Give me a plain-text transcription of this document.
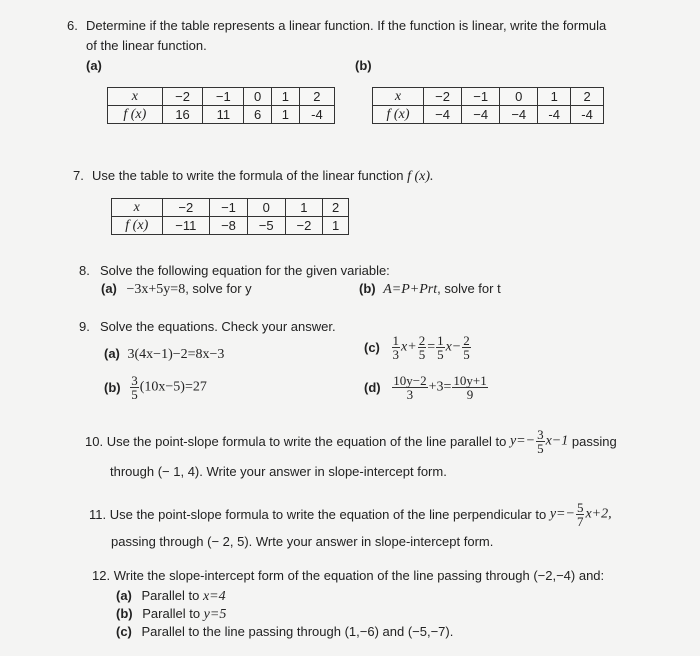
6. Determine if the table represents a linear function. If the function is linear, write the formula
of the linear function.
(a)	(b)
x	−2	−1	0	1	2
f (x)	16	11	6	1	-4
x	−2	−1	0	1	2
f (x)	−4	−4	−4	-4	-4
7. Use the table to write the formula of the linear function f (x).
x	−2	−1	0	1	2
f (x)	−11	−8	−5	−2	1
8. Solve the following equation for the given variable:
(a) −3x+5y=8, solve for y	(b) A=P+Prt, solve for t
9. Solve the equations. Check your answer.
(a) 3(4x−1)−2=8x−3
$(b) \frac{3}{5} (10x-5)=27$
$(c) \frac{1}{3} x+ \frac{2}{5} = \frac{1}{5} x- \frac{2}{5}$
$(d) \frac{10y-2}{3} +3= \frac{10y+1}{9}$
10. Use the point-slope formula to write the equation of the line parallel to $y=- \frac{3}{5} x-1$ passing
through (− 1, 4). Write your answer in slope-intercept form.
11. Use the point-slope formula to write the equation of the line perpendicular to $y=- \frac{5}{7} x+2$,
passing through (− 2, 5). Wrte your answer in slope-intercept form.
12. Write the slope-intercept form of the equation of the line passing through (−2,−4) and:
(a) Parallel to x=4
(b) Parallel to y=5
(c) Parallel to the line passing through (1,−6) and (−5,−7).
